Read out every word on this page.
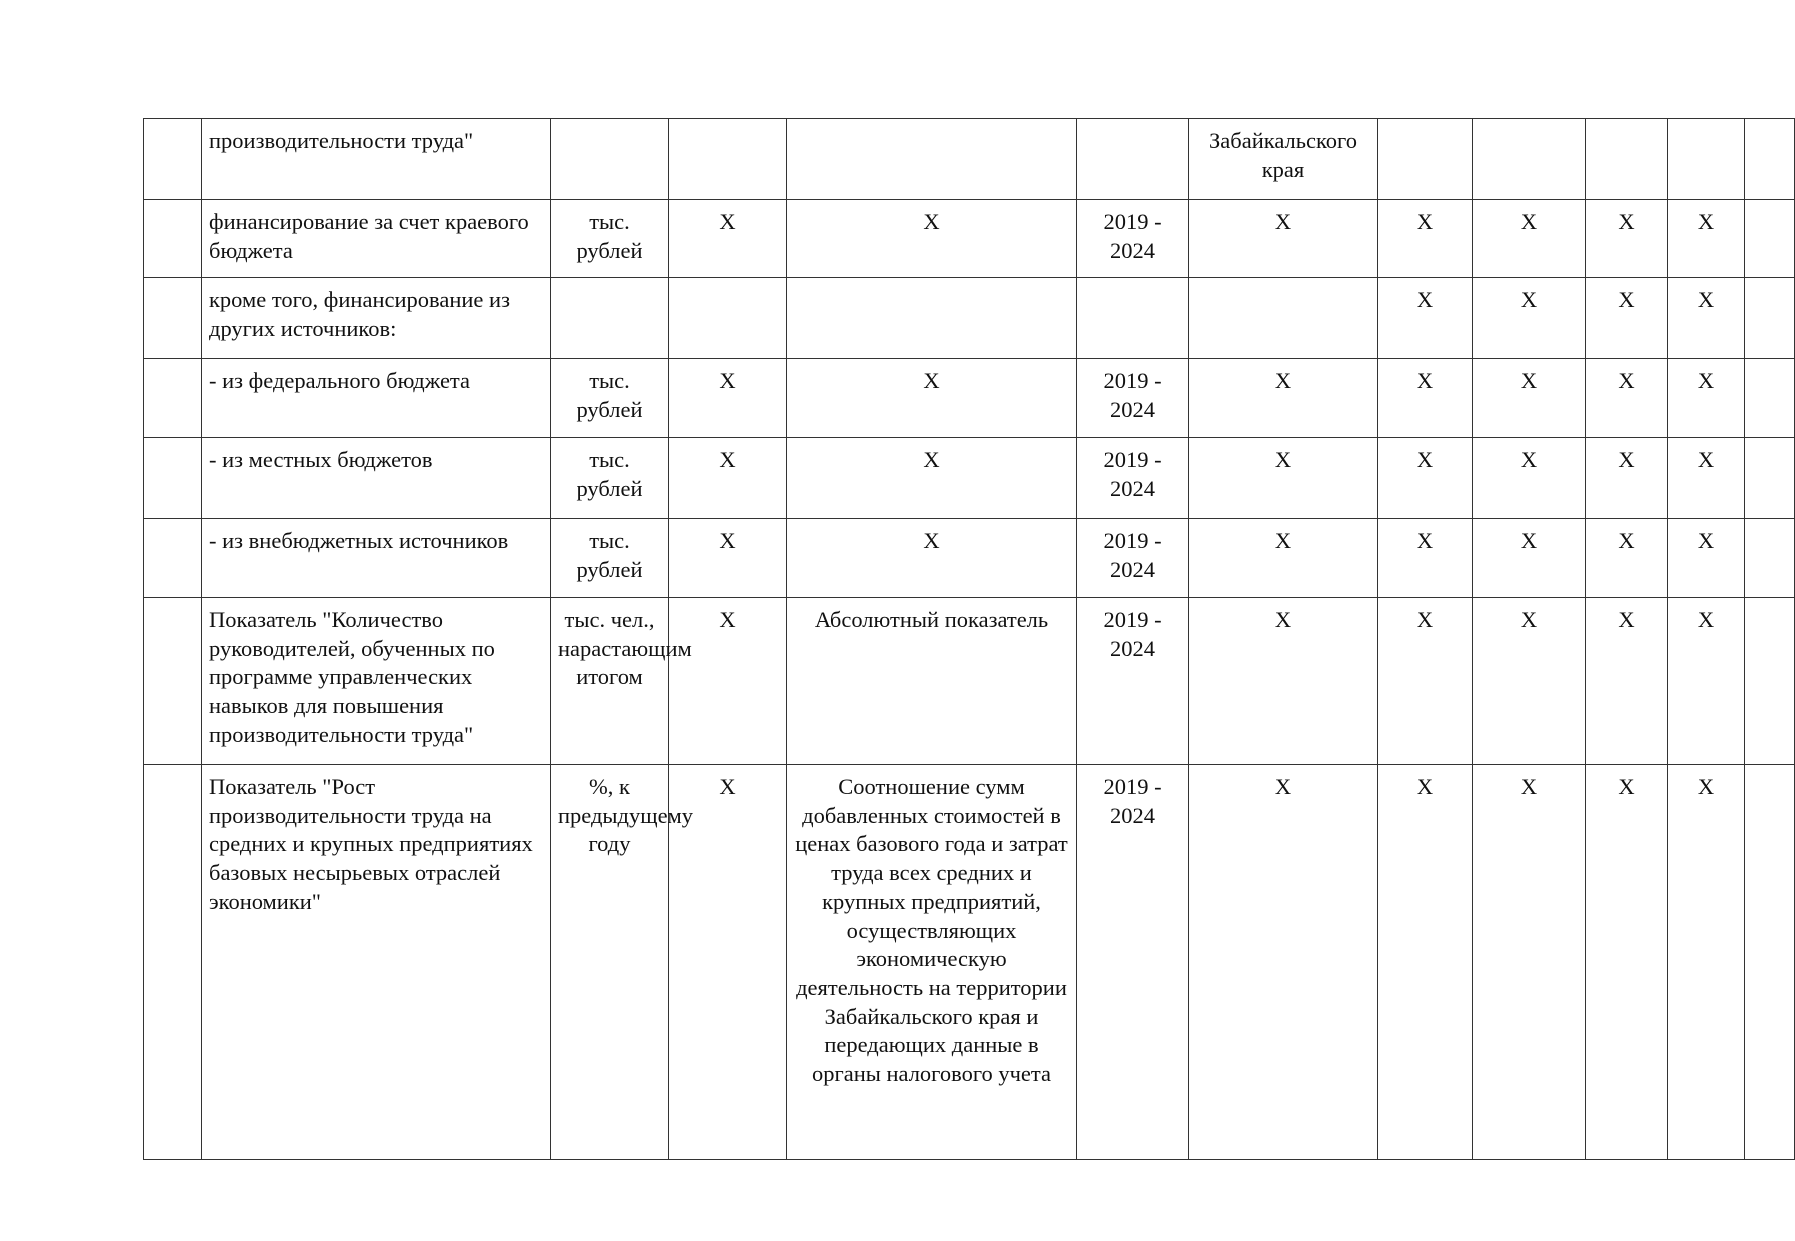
	производительности труда"					Забайкальского края					
	финансирование за счет краевого бюджета	тыс. рублей	X	X	2019 - 2024	X	X	X	X	X	
	кроме того, финансирование из других источников:						X	X	X	X	
	- из федерального бюджета	тыс. рублей	X	X	2019 - 2024	X	X	X	X	X	
	- из местных бюджетов	тыс. рублей	X	X	2019 - 2024	X	X	X	X	X	
	- из внебюджетных источников	тыс. рублей	X	X	2019 - 2024	X	X	X	X	X	
	Показатель "Количество руководителей, обученных по программе управленческих навыков для повышения производительности труда"	тыс. чел., нарастающим итогом	X	Абсолютный показатель	2019 - 2024	X	X	X	X	X	
	Показатель "Рост производительности труда на средних и крупных предприятиях базовых несырьевых отраслей экономики"	%, к предыдущему году	X	Соотношение сумм добавленных стоимостей в ценах базового года и затрат труда всех средних и крупных предприятий, осуществляющих экономическую деятельность на территории Забайкальского края и передающих данные в органы налогового учета	2019 - 2024	X	X	X	X	X	
